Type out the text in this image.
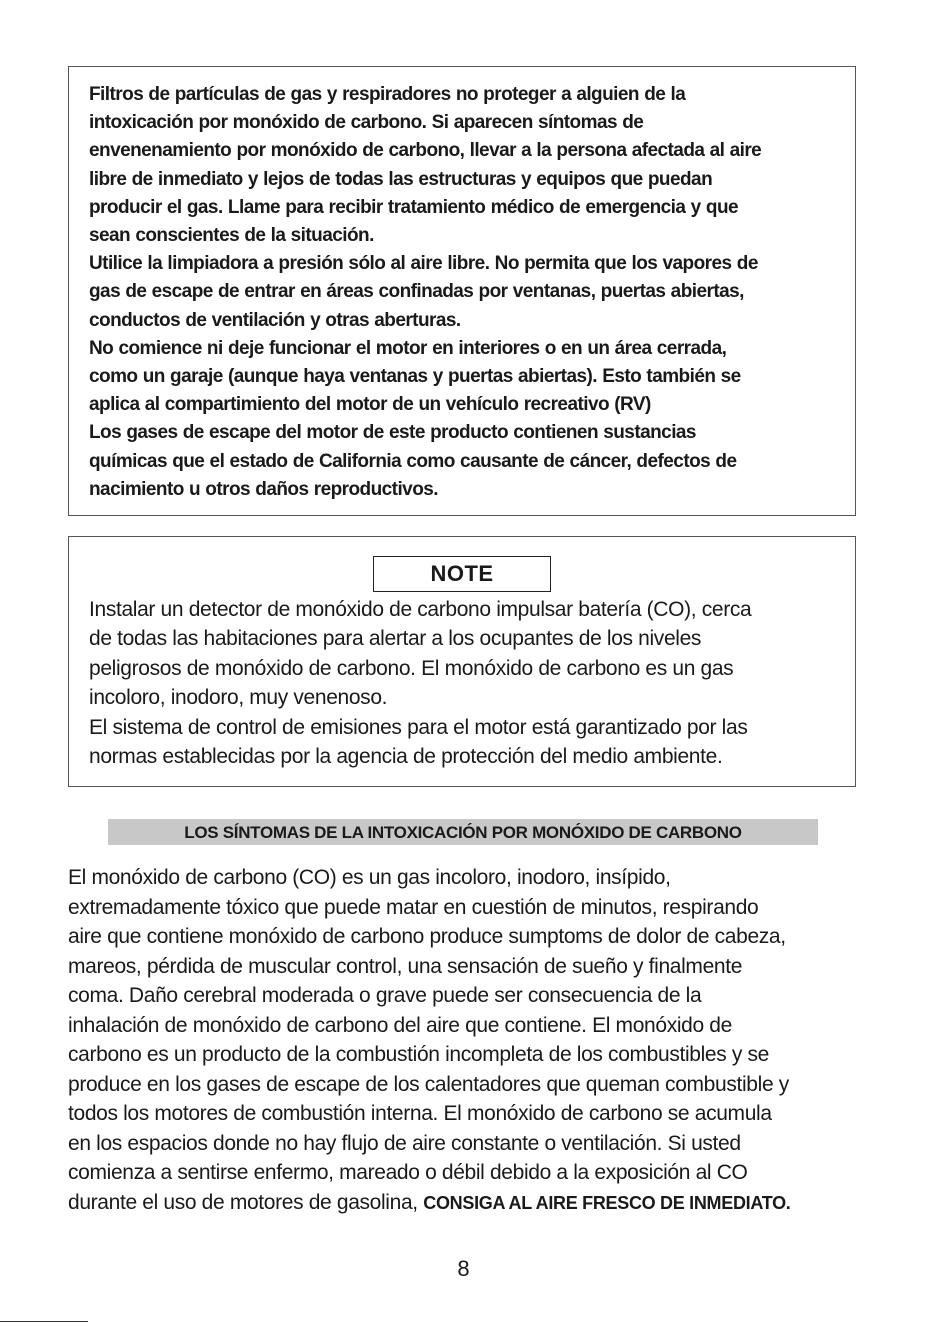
Filtros de partículas de gas y respiradores no proteger a alguien de la
intoxicación por monóxido de carbono. Si aparecen síntomas de
envenenamiento por monóxido de carbono, llevar a la persona afectada al aire
libre de inmediato y lejos de todas las estructuras y equipos que puedan
producir el gas. Llame para recibir tratamiento médico de emergencia y que
sean conscientes de la situación.
Utilice la limpiadora a presión sólo al aire libre. No permita que los vapores de
gas de escape de entrar en áreas confinadas por ventanas, puertas abiertas,
conductos de ventilación y otras aberturas.
No comience ni deje funcionar el motor en interiores o en un área cerrada,
como un garaje (aunque haya ventanas y puertas abiertas). Esto también se
aplica al compartimiento del motor de un vehículo recreativo (RV)
Los gases de escape del motor de este producto contienen sustancias
químicas que el estado de California como causante de cáncer, defectos de
nacimiento u otros daños reproductivos.

NOTE

Instalar un detector de monóxido de carbono impulsar batería (CO), cerca
de todas las habitaciones para alertar a los ocupantes de los niveles
peligrosos de monóxido de carbono. El monóxido de carbono es un gas
incoloro, inodoro, muy venenoso.
El sistema de control de emisiones para el motor está garantizado por las
normas establecidas por la agencia de protección del medio ambiente.

LOS SÍNTOMAS DE LA INTOXICACIÓN POR MONÓXIDO DE CARBONO

El monóxido de carbono (CO) es un gas incoloro, inodoro, insípido,
extremadamente tóxico que puede matar en cuestión de minutos, respirando
aire que contiene monóxido de carbono produce sumptoms de dolor de cabeza,
mareos, pérdida de muscular control, una sensación de sueño y finalmente
coma. Daño cerebral moderada o grave puede ser consecuencia de la
inhalación de monóxido de carbono del aire que contiene. El monóxido de
carbono es un producto de la combustión incompleta de los combustibles y se
produce en los gases de escape de los calentadores que queman combustible y
todos los motores de combustión interna. El monóxido de carbono se acumula
en los espacios donde no hay flujo de aire constante o ventilación. Si usted
comienza a sentirse enfermo, mareado o débil debido a la exposición al CO
durante el uso de motores de gasolina, CONSIGA AL AIRE FRESCO DE INMEDIATO.

8
